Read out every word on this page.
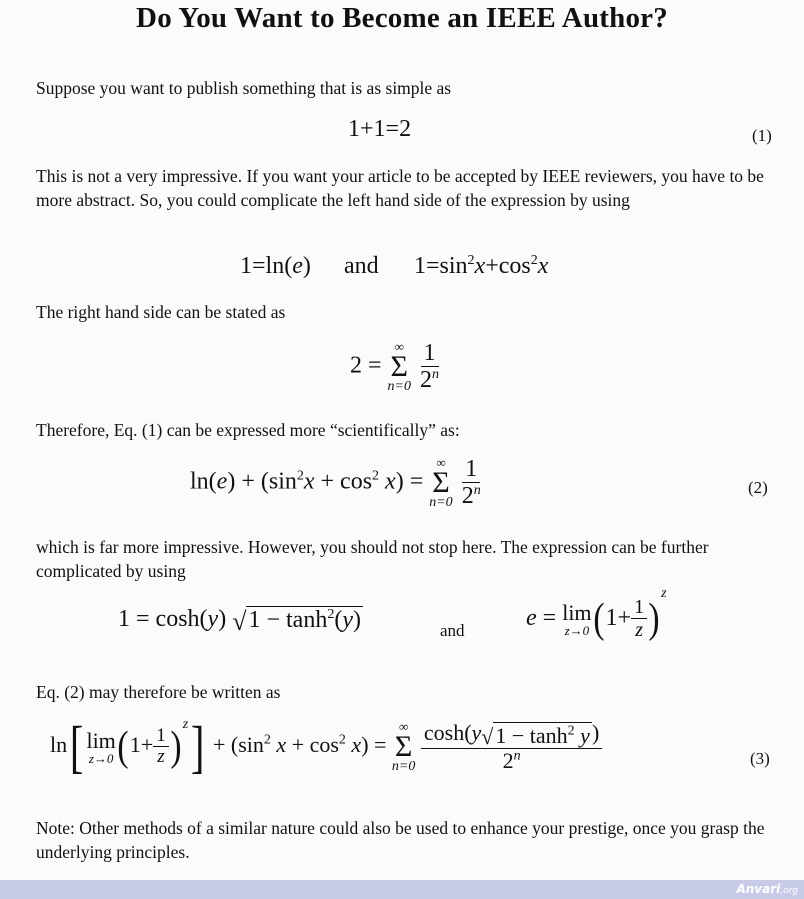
Do You Want to Become an IEEE Author?
Suppose you want to publish something that is as simple as
1+1=2	(1)
This is not a very impressive. If you want your article to be accepted by IEEE reviewers, you have to be more abstract. So, you could complicate the left hand side of the expression by using
1=ln(e) and $1=\sin^2x+\cos^2x$
The right hand side can be stated as
2 =
∞
Σ
n=0
$\frac{1}{2^n}$
Therefore, Eq. (1) can be expressed more “scientifically” as:
$\ln(e) + (\sin^2x + \cos^2 x)$ =
∞
Σ
n=0
$\frac{1}{2^n}$	(2)
which is far more impressive. However, you should not stop here. The expression can be further complicated by using
1 = cosh(y) √ $1 - \tanh^2(y)$	and	e = lim
z→0 $(1+ \frac{1}{z} )^z$
Eq. (2) may therefore be written as
ln[ lim
z→0 $(1+ \frac{1}{z} )^z] + (\sin^2$ $x + \cos^2 x$) =
∞
Σ
n=0
$\frac{\cosh(y √ 1 - \tanh^2 y )}{2^n}$	(3)
Note: Other methods of a similar nature could also be used to enhance your prestige, once you grasp the underlying principles.
Anvari.org
